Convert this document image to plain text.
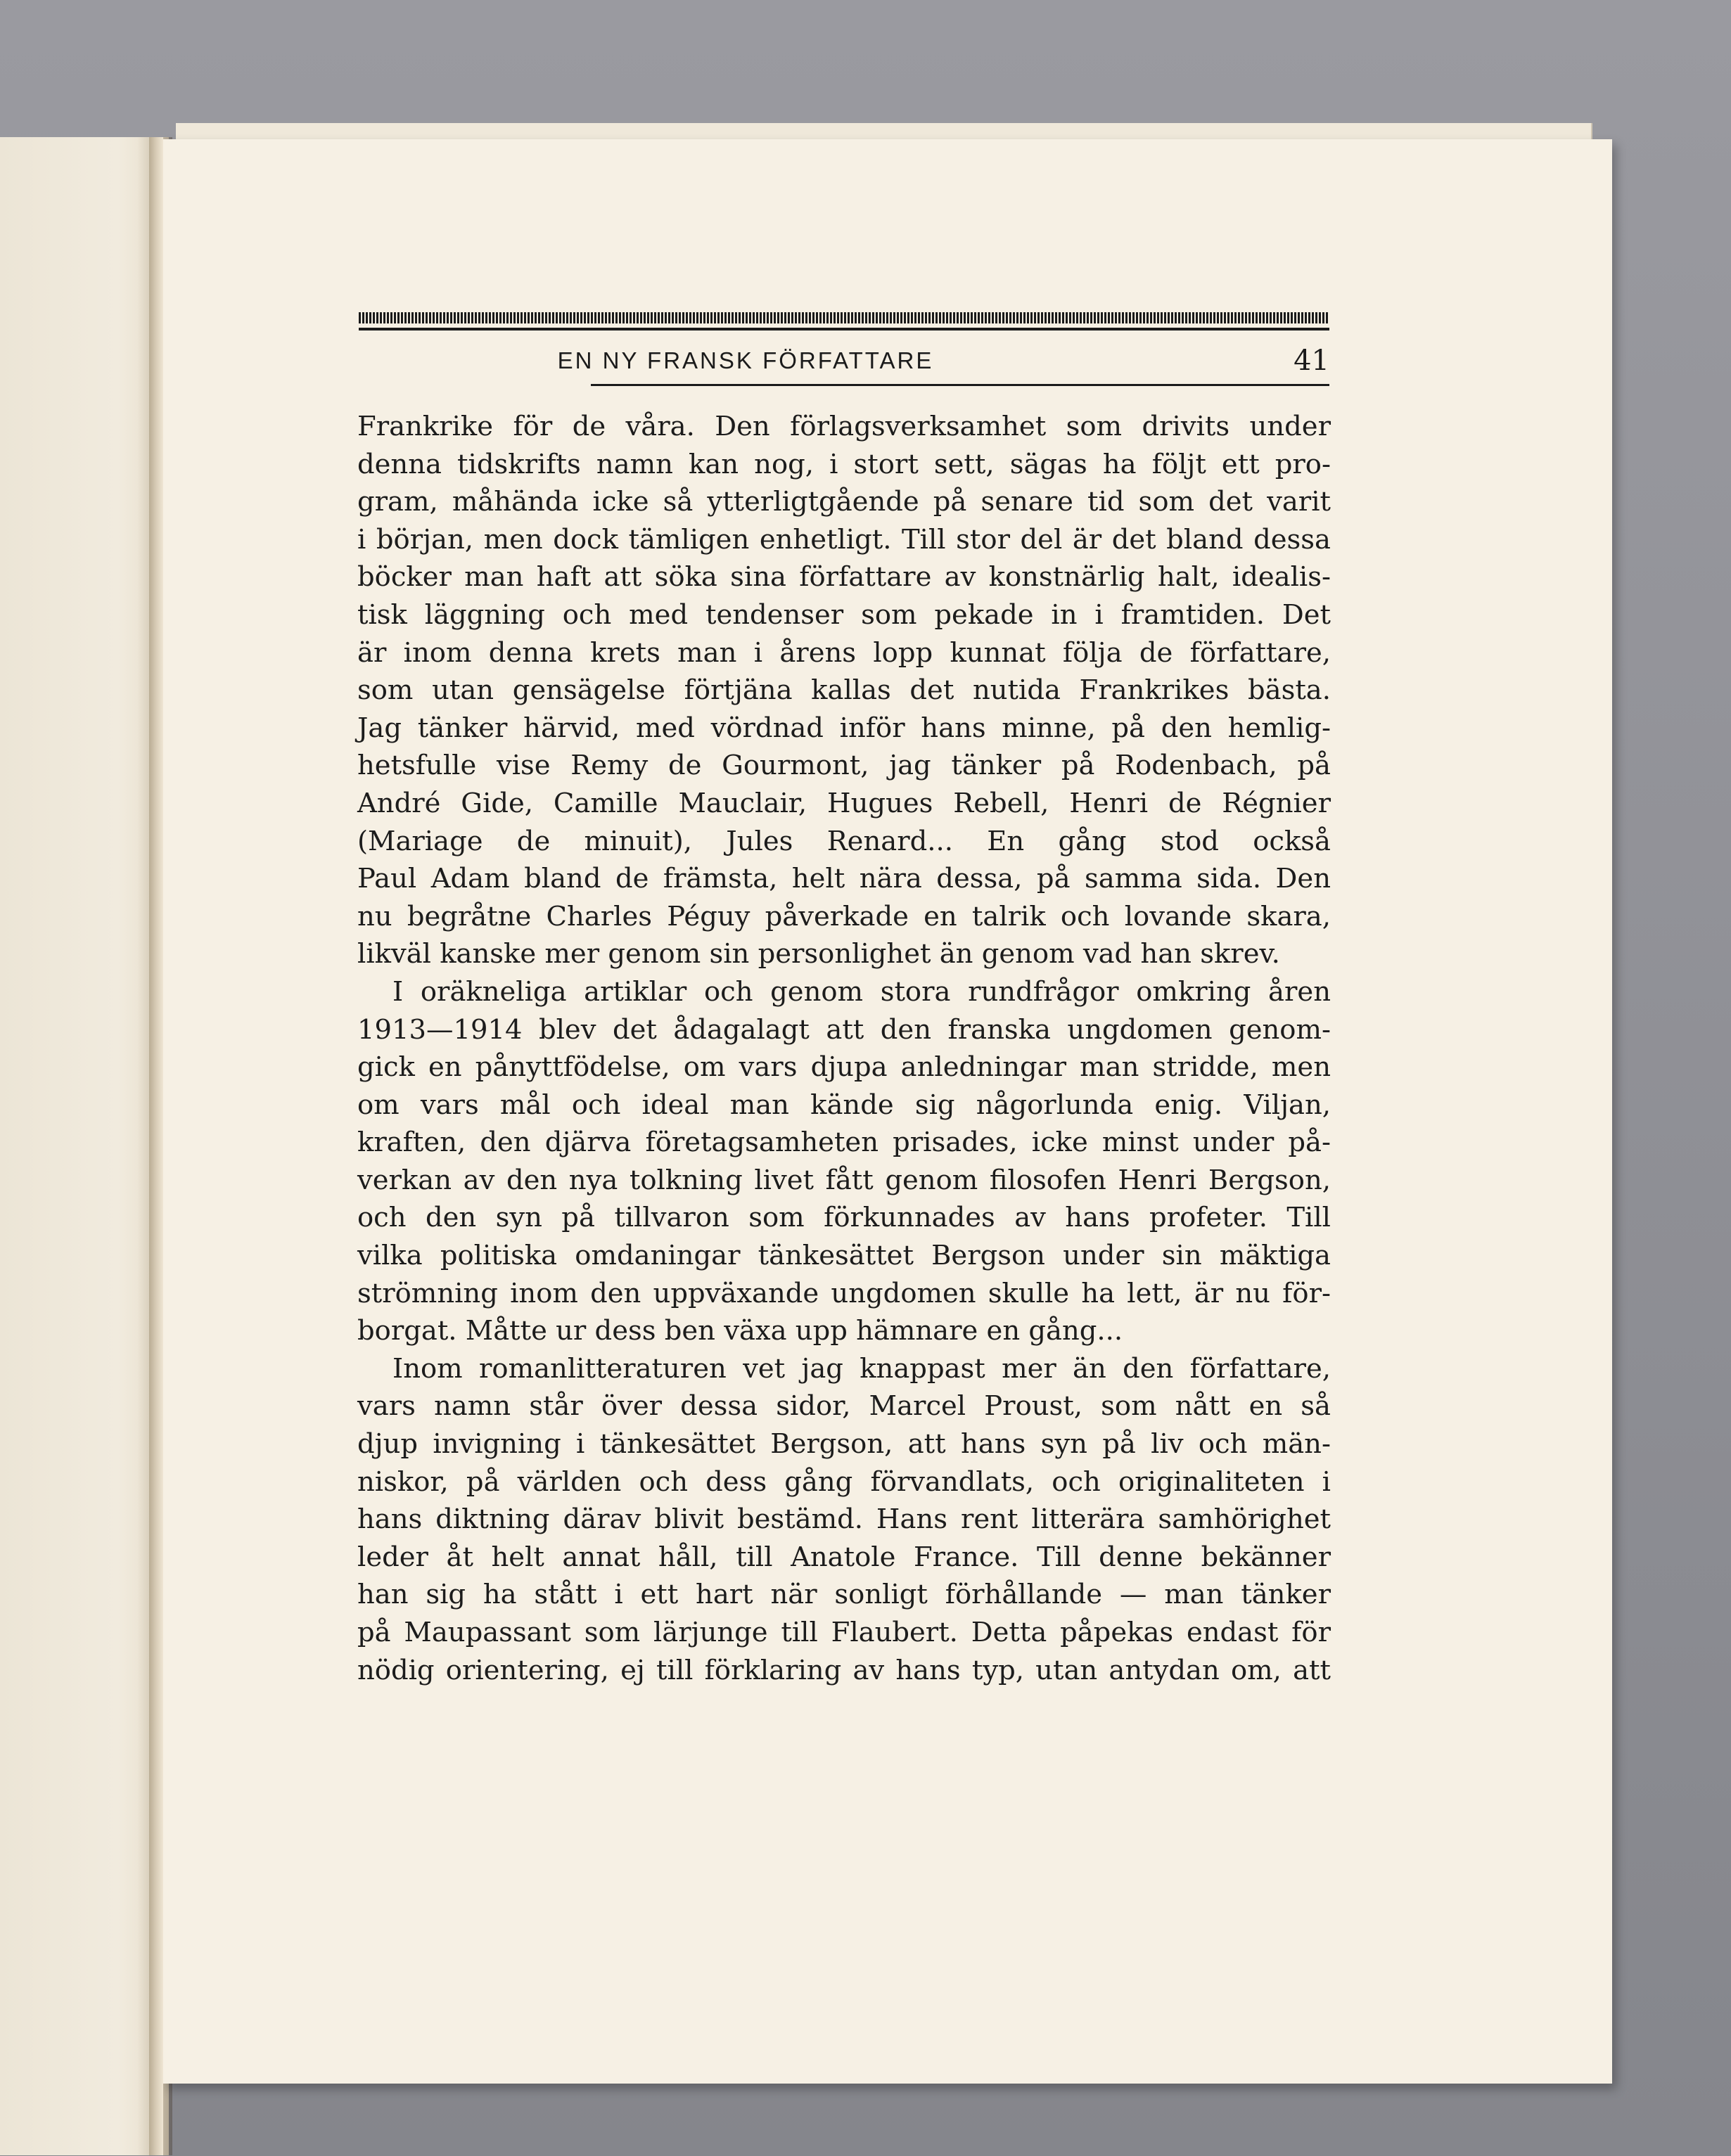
EN NY FRANSK FÖRFATTARE	41
Frankrike för de våra. Den förlagsverksamhet som drivits under
denna tidskrifts namn kan nog, i stort sett, sägas ha följt ett pro-
gram, måhända icke så ytterligtgående på senare tid som det varit
i början, men dock tämligen enhetligt. Till stor del är det bland dessa
böcker man haft att söka sina författare av konstnärlig halt, idealis-
tisk läggning och med tendenser som pekade in i framtiden. Det
är inom denna krets man i årens lopp kunnat följa de författare,
som utan gensägelse förtjäna kallas det nutida Frankrikes bästa.
Jag tänker härvid, med vördnad inför hans minne, på den hemlig-
hetsfulle vise Remy de Gourmont, jag tänker på Rodenbach, på
André Gide, Camille Mauclair, Hugues Rebell, Henri de Régnier
(Mariage de minuit), Jules Renard... En gång stod också
Paul Adam bland de främsta, helt nära dessa, på samma sida. Den
nu begråtne Charles Péguy påverkade en talrik och lovande skara,
likväl kanske mer genom sin personlighet än genom vad han skrev.
I oräkneliga artiklar och genom stora rundfrågor omkring åren
1913—1914 blev det ådagalagt att den franska ungdomen genom-
gick en pånyttfödelse, om vars djupa anledningar man stridde, men
om vars mål och ideal man kände sig någorlunda enig. Viljan,
kraften, den djärva företagsamheten prisades, icke minst under på-
verkan av den nya tolkning livet fått genom filosofen Henri Bergson,
och den syn på tillvaron som förkunnades av hans profeter. Till
vilka politiska omdaningar tänkesättet Bergson under sin mäktiga
strömning inom den uppväxande ungdomen skulle ha lett, är nu för-
borgat. Måtte ur dess ben växa upp hämnare en gång...
Inom romanlitteraturen vet jag knappast mer än den författare,
vars namn står över dessa sidor, Marcel Proust, som nått en så
djup invigning i tänkesättet Bergson, att hans syn på liv och män-
niskor, på världen och dess gång förvandlats, och originaliteten i
hans diktning därav blivit bestämd. Hans rent litterära samhörighet
leder åt helt annat håll, till Anatole France. Till denne bekänner
han sig ha stått i ett hart när sonligt förhållande — man tänker
på Maupassant som lärjunge till Flaubert. Detta påpekas endast för
nödig orientering, ej till förklaring av hans typ, utan antydan om, att
